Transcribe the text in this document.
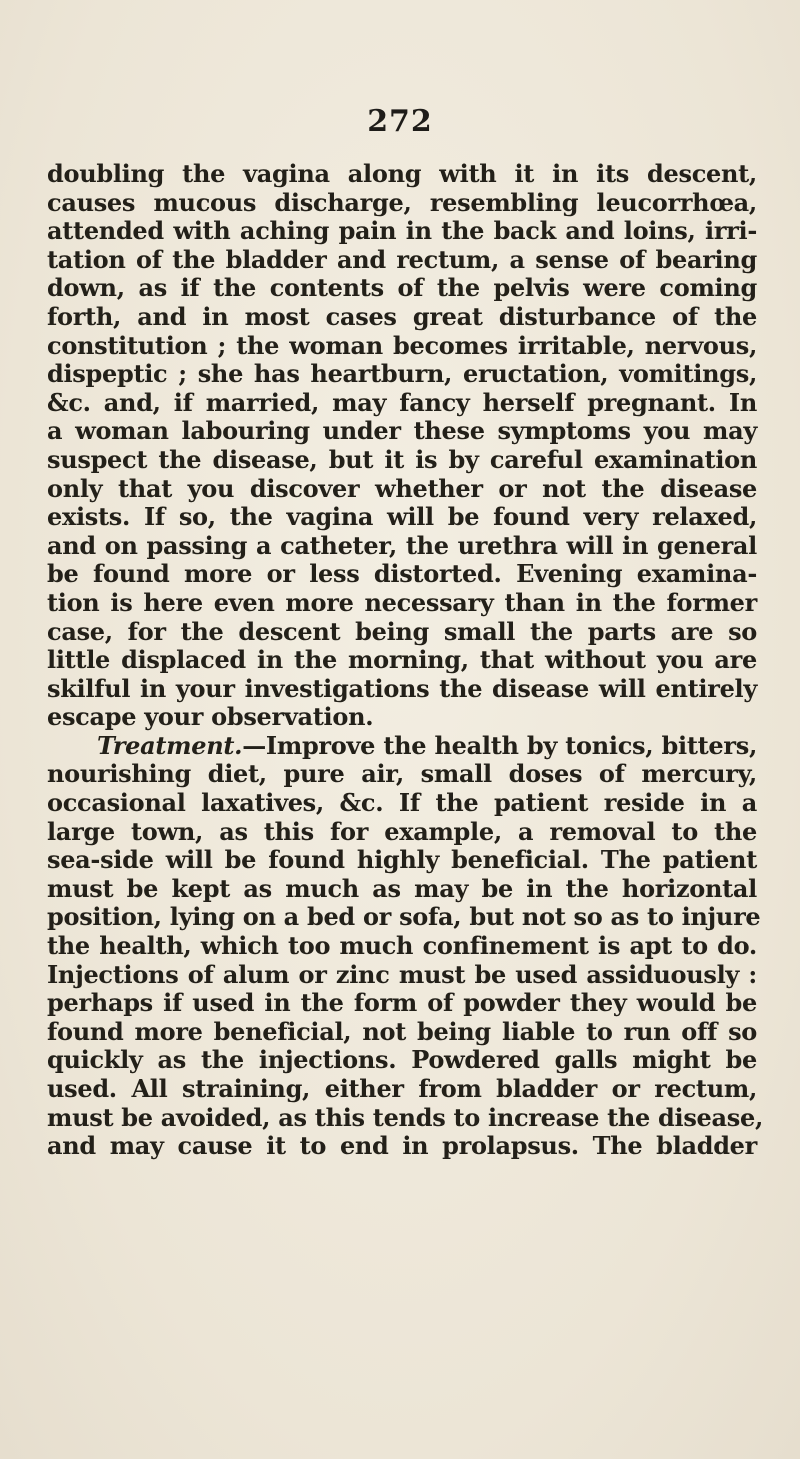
272
doubling the vagina along with it in its descent,
causes mucous discharge, resembling leucorrhœa,
attended with aching pain in the back and loins, irri-
tation of the bladder and rectum, a sense of bearing
down, as if the contents of the pelvis were coming
forth, and in most cases great disturbance of the
constitution ; the woman becomes irritable, nervous,
dispeptic ; she has heartburn, eructation, vomitings,
&c. and, if married, may fancy herself pregnant. In
a woman labouring under these symptoms you may
suspect the disease, but it is by careful examination
only that you discover whether or not the disease
exists. If so, the vagina will be found very relaxed,
and on passing a catheter, the urethra will in general
be found more or less distorted. Evening examina-
tion is here even more necessary than in the former
case, for the descent being small the parts are so
little displaced in the morning, that without you are
skilful in your investigations the disease will entirely
escape your observation.
Treatment.—Improve the health by tonics, bitters,
nourishing diet, pure air, small doses of mercury,
occasional laxatives, &c. If the patient reside in a
large town, as this for example, a removal to the
sea-side will be found highly beneficial. The patient
must be kept as much as may be in the horizontal
position, lying on a bed or sofa, but not so as to injure
the health, which too much confinement is apt to do.
Injections of alum or zinc must be used assiduously :
perhaps if used in the form of powder they would be
found more beneficial, not being liable to run off so
quickly as the injections. Powdered galls might be
used. All straining, either from bladder or rectum,
must be avoided, as this tends to increase the disease,
and may cause it to end in prolapsus. The bladder
